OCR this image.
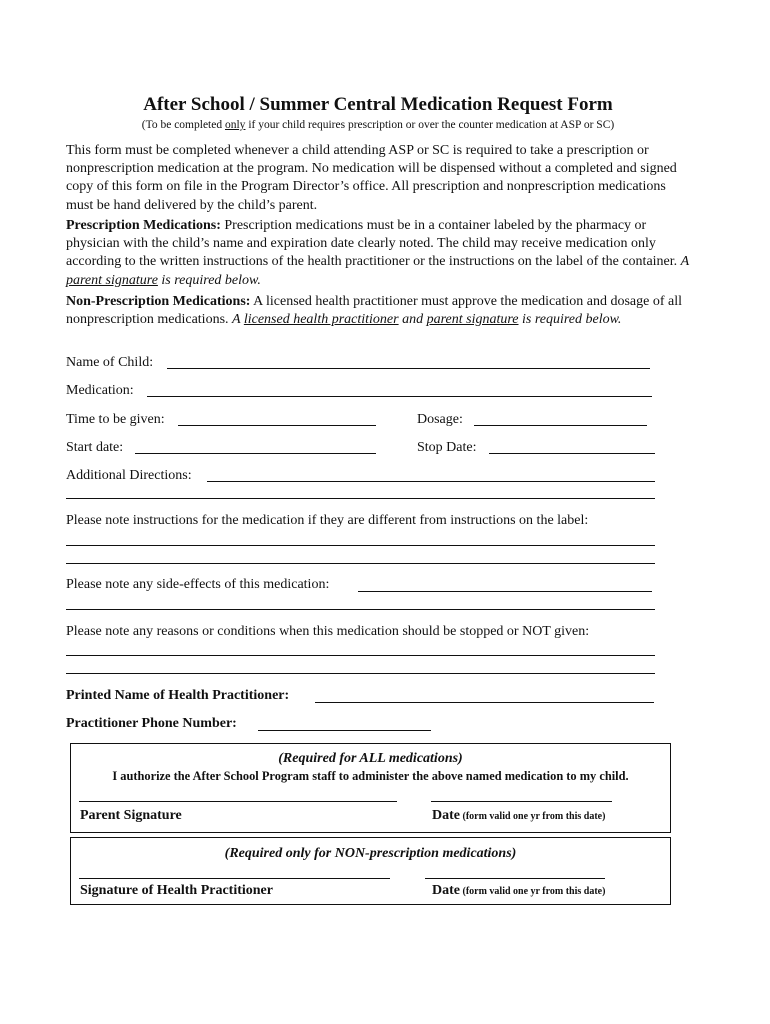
After School / Summer Central Medication Request Form
(To be completed only if your child requires prescription or over the counter medication at ASP or SC)

This form must be completed whenever a child attending ASP or SC is required to take a prescription or nonprescription medication at the program. No medication will be dispensed without a completed and signed copy of this form on file in the Program Director’s office. All prescription and nonprescription medications must be hand delivered by the child’s parent.

Prescription Medications: Prescription medications must be in a container labeled by the pharmacy or physician with the child’s name and expiration date clearly noted. The child may receive medication only according to the written instructions of the health practitioner or the instructions on the label of the container. A parent signature is required below.

Non-Prescription Medications: A licensed health practitioner must approve the medication and dosage of all nonprescription medications. A licensed health practitioner and parent signature is required below.

Name of Child:
Medication:
Time to be given:	Dosage:
Start date:	Stop Date:
Additional Directions:
Please note instructions for the medication if they are different from instructions on the label:
Please note any side-effects of this medication:
Please note any reasons or conditions when this medication should be stopped or NOT given:
Printed Name of Health Practitioner:
Practitioner Phone Number:
(Required for ALL medications)
I authorize the After School Program staff to administer the above named medication to my child.
Parent Signature	Date (form valid one yr from this date)
(Required only for NON-prescription medications)
Signature of Health Practitioner	Date (form valid one yr from this date)
